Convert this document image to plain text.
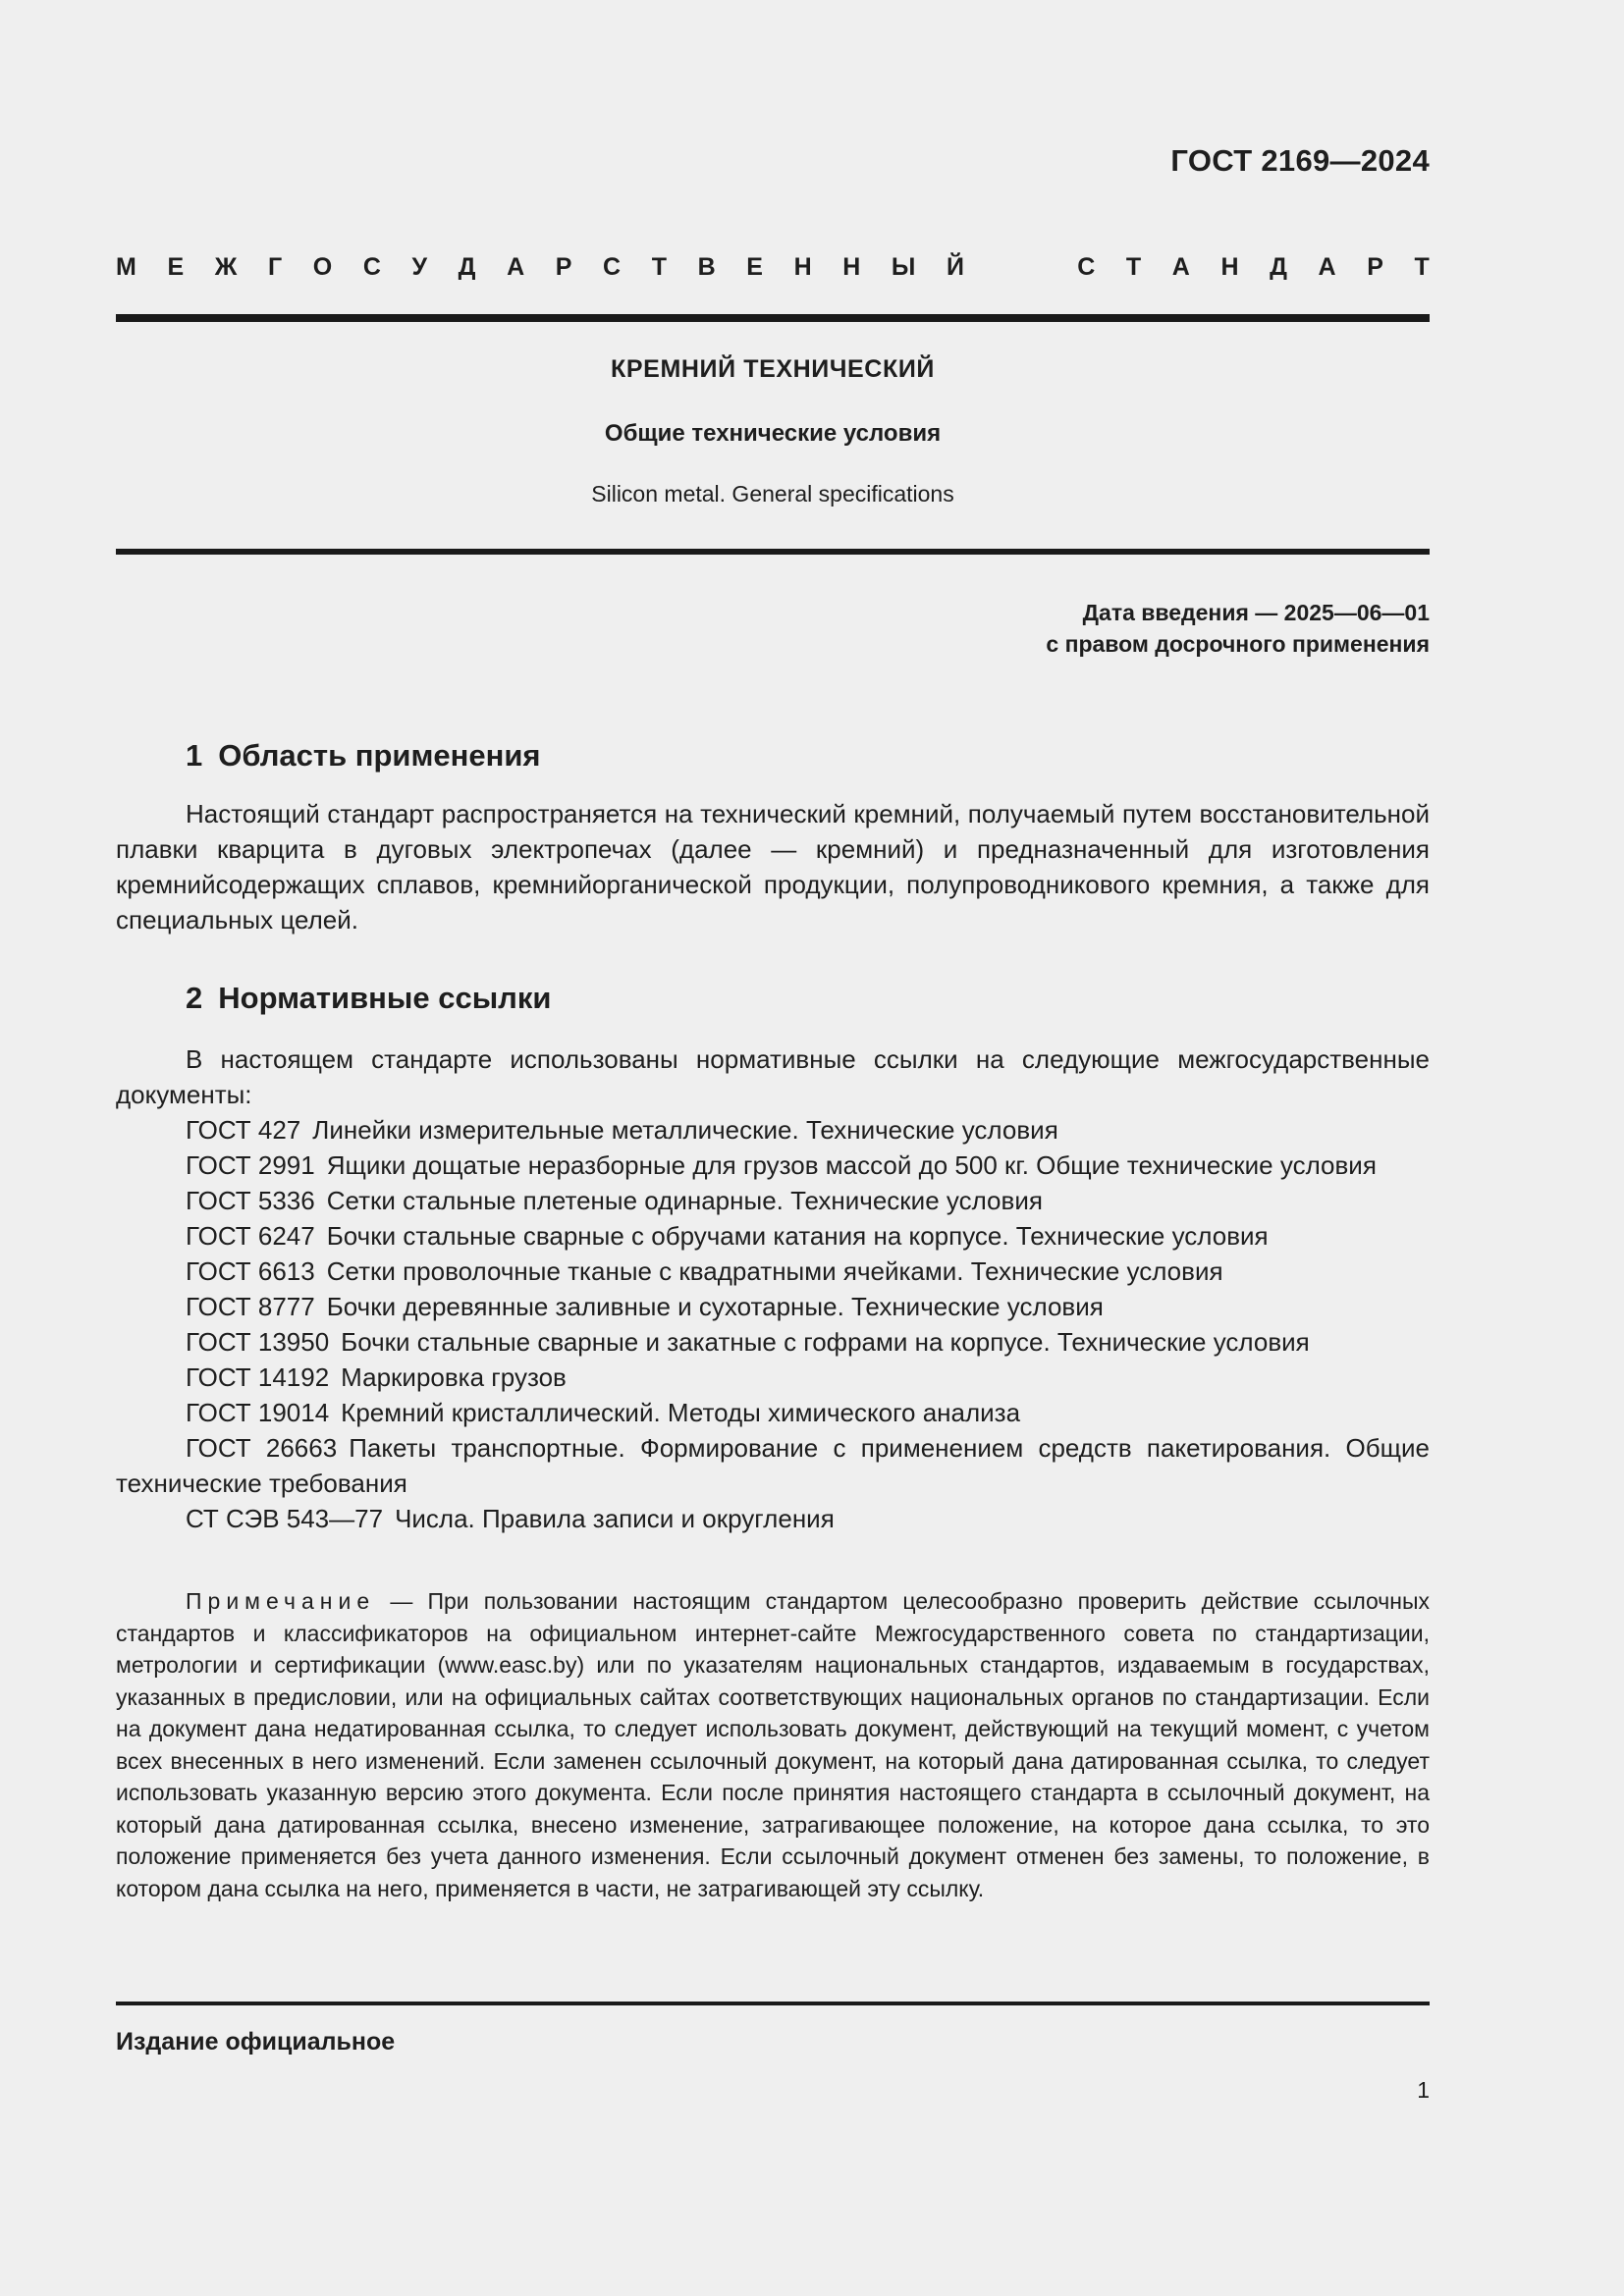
ГОСТ 2169—2024
М Е Ж Г О С У Д А Р С Т В Е Н Н Ы Й	С Т А Н Д А Р Т
КРЕМНИЙ ТЕХНИЧЕСКИЙ
Общие технические условия
Silicon metal. General specifications
Дата введения — 2025—06—01
с правом досрочного применения
1 Область применения

Настоящий стандарт распространяется на технический кремний, получаемый путем восстановительной плавки кварцита в дуговых электропечах (далее — кремний) и предназначенный для изготовления кремнийсодержащих сплавов, кремнийорганической продукции, полупроводникового кремния, а также для специальных целей.

2 Нормативные ссылки

В настоящем стандарте использованы нормативные ссылки на следующие межгосударственные документы:

ГОСТ 427 Линейки измерительные металлические. Технические условия

ГОСТ 2991 Ящики дощатые неразборные для грузов массой до 500 кг. Общие технические условия

ГОСТ 5336 Сетки стальные плетеные одинарные. Технические условия

ГОСТ 6247 Бочки стальные сварные с обручами катания на корпусе. Технические условия

ГОСТ 6613 Сетки проволочные тканые с квадратными ячейками. Технические условия

ГОСТ 8777 Бочки деревянные заливные и сухотарные. Технические условия

ГОСТ 13950 Бочки стальные сварные и закатные с гофрами на корпусе. Технические условия

ГОСТ 14192 Маркировка грузов

ГОСТ 19014 Кремний кристаллический. Методы химического анализа

ГОСТ 26663 Пакеты транспортные. Формирование с применением средств пакетирования. Общие технические требования

СТ СЭВ 543—77 Числа. Правила записи и округления

Примечание — При пользовании настоящим стандартом целесообразно проверить действие ссылочных стандартов и классификаторов на официальном интернет-сайте Межгосударственного совета по стандартизации, метрологии и сертификации (www.easc.by) или по указателям национальных стандартов, издаваемым в государствах, указанных в предисловии, или на официальных сайтах соответствующих национальных органов по стандартизации. Если на документ дана недатированная ссылка, то следует использовать документ, действующий на текущий момент, с учетом всех внесенных в него изменений. Если заменен ссылочный документ, на который дана датированная ссылка, то следует использовать указанную версию этого документа. Если после принятия настоящего стандарта в ссылочный документ, на который дана датированная ссылка, внесено изменение, затрагивающее положение, на которое дана ссылка, то это положение применяется без учета данного изменения. Если ссылочный документ отменен без замены, то положение, в котором дана ссылка на него, применяется в части, не затрагивающей эту ссылку.
Издание официальное
1
